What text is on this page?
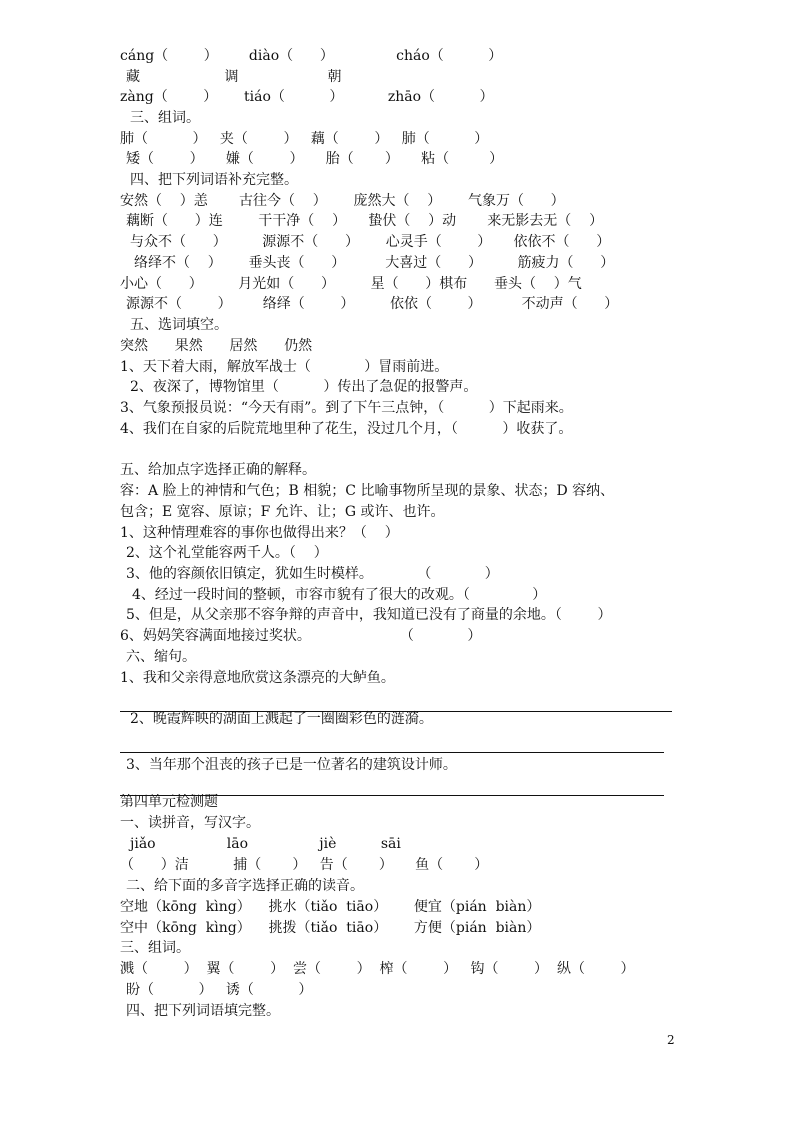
cáng（        ）       diào（      ）              cháo（          ）
藏                   调                    朝
zàng（        ）      tiáo（          ）          zhāo（          ）
三、组词。
肺（          ）   夹（        ）   藕（        ）   肺（          ）
矮（        ）     嫌（        ）     胎（       ）     粘（         ）
四、把下列词语补充完整。
安然（    ）恙       古往今（    ）      庞然大（    ）      气象万（      ）
藕断（      ）连        干干净（    ）     蛰伏（    ）动       来无影去无（    ）
与众不（      ）        源源不（      ）      心灵手（        ）     依依不（      ）
络绎不（    ）      垂头丧（      ）         大喜过（      ）        筋疲力（      ）
小心（      ）        月光如（      ）        星（      ）棋布      垂头（    ）气
源源不（        ）       络绎（        ）        依依（        ）         不动声（      ）
五、选词填空。
突然      果然      居然      仍然
1、天下着大雨，解放军战士（            ）冒雨前进。
2、夜深了，博物馆里（          ）传出了急促的报警声。
3、气象预报员说：“今天有雨”。到了下午三点钟，（          ）下起雨来。
4、我们在自家的后院荒地里种了花生，没过几个月，（          ）收获了。
五、给加点字选择正确的解释。
容：A 脸上的神情和气色；B 相貌；C 比喻事物所呈现的景象、状态；D 容纳、
包含；E 宽容、原谅；F 允许、让；G 或许、也许。
1、这种情理难容的事你也做得出来？（    ）
2、这个礼堂能容两千人。（    ）
3、他的容颜依旧镇定，犹如生时模样。          （            ）
4、经过一段时间的整顿，市容市貌有了很大的改观。（              ）
5、但是，从父亲那不容争辩的声音中，我知道已没有了商量的余地。（        ）
6、妈妈笑容满面地接过奖状。                    （            ）
六、缩句。
1、我和父亲得意地欣赏这条漂亮的大鲈鱼。
2、晚霞辉映的湖面上溅起了一圈圈彩色的涟漪。
3、当年那个沮丧的孩子已是一位著名的建筑设计师。
第四单元检测题
一、读拼音，写汉字。
jiǎo                lāo                jiè          sāi
（      ）洁          捕（       ）   告（       ）     鱼（       ）
二、给下面的多音字选择正确的读音。
空地（kōng  kìng）    挑水（tiǎo  tiāo）      便宜（pián  biàn）
空中（kōng  kìng）    挑拨（tiǎo  tiāo）      方便（pián  biàn）
三、组词。
溅（        ）  翼（        ）  尝（        ）  榨（        ）   钩（        ）  纵（        ）
盼（          ）   诱（          ）
四、把下列词语填完整。
2
